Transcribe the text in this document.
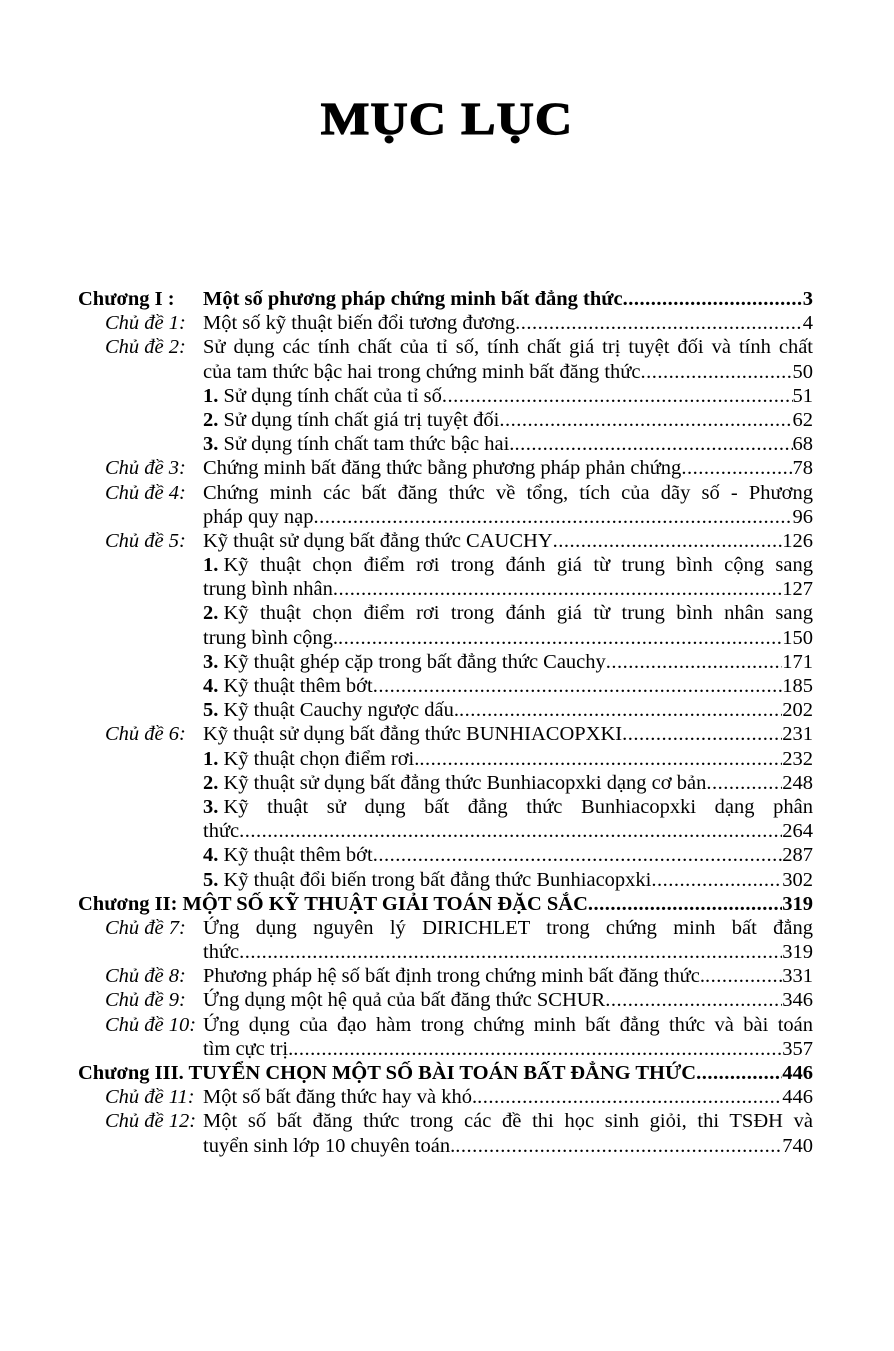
MỤC LỤC
Chương I :	Một số phương pháp chứng minh bất đẳng thức .....	3
Chủ đề 1: Một số kỹ thuật biến đổi tương đương .....	4
Chủ đề 2: Sử dụng các tính chất của tỉ số, tính chất giá trị tuyệt đối và tính chất
của tam thức bậc hai trong chứng minh bất đăng thức .....	50
1. Sử dụng tính chất của tỉ số .....	51
2. Sử dụng tính chất giá trị tuyệt đối .....	62
3. Sử dụng tính chất tam thức bậc hai. .....	68
Chủ đề 3: Chứng minh bất đăng thức bằng phương pháp phản chứng .....	78
Chủ đề 4: Chứng minh các bất đăng thức về tổng, tích của dãy số - Phương
pháp quy nạp .....	96
Chủ đề 5: Kỹ thuật sử dụng bất đẳng thức CAUCHY .....	126
1. Kỹ thuật chọn điểm rơi trong đánh giá từ trung bình cộng sang
trung bình nhân .....	127
2. Kỹ thuật chọn điểm rơi trong đánh giá từ trung bình nhân sang
trung bình cộng. .....	150
3. Kỹ thuật ghép cặp trong bất đẳng thức Cauchy .....	171
4. Kỹ thuật thêm bớt .....	185
5. Kỹ thuật Cauchy ngược dấu. .....	202
Chủ đề 6: Kỹ thuật sử dụng bất đẳng thức BUNHIACOPXKI .....	231
1. Kỹ thuật chọn điểm rơi. .....	232
2. Kỹ thuật sử dụng bất đẳng thức Bunhiacopxki dạng cơ bản .....	248
3. Kỹ thuật sử dụng bất đẳng thức Bunhiacopxki dạng phân
thức .....	264
4. Kỹ thuật thêm bớt .....	287
5. Kỹ thuật đổi biến trong bất đẳng thức Bunhiacopxki .....	302
Chương II: MỘT SỐ KỸ THUẬT GIẢI TOÁN ĐẶC SẮC .....	319
Chủ đề 7: Ứng dụng nguyên lý DIRICHLET trong chứng minh bất đẳng
thức .....	319
Chủ đề 8: Phương pháp hệ số bất định trong chứng minh bất đăng thức. .....	331
Chủ đề 9: Ứng dụng một hệ quả của bất đăng thức SCHUR .....	346
Chủ đề 10: Ứng dụng của đạo hàm trong chứng minh bất đẳng thức và bài toán
tìm cực trị. .....	357
Chương III. TUYỂN CHỌN MỘT SỐ BÀI TOÁN BẤT ĐẲNG THỨC .....	446
Chủ đề 11: Một số bất đăng thức hay và khó. .....	446
Chủ đề 12: Một số bất đăng thức trong các đề thi học sinh giỏi, thi TSĐH và
tuyển sinh lớp 10 chuyên toán. .....	740
